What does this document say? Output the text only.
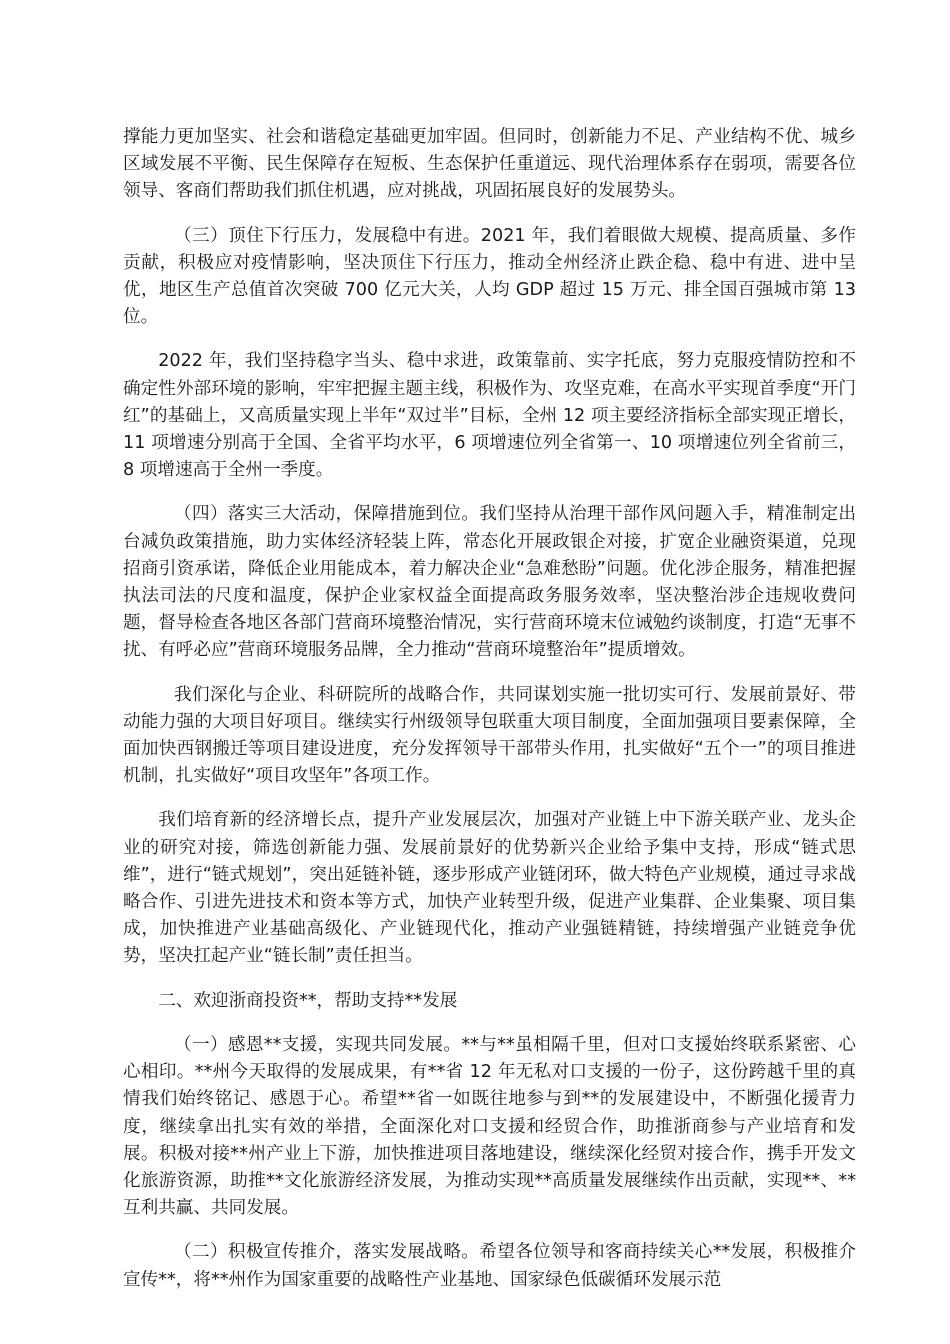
撑能力更加坚实、社会和谐稳定基础更加牢固。但同时，创新能力不足、产业结构不优、城乡区域发展不平衡、民生保障存在短板、生态保护任重道远、现代治理体系存在弱项，需要各位领导、客商们帮助我们抓住机遇，应对挑战，巩固拓展良好的发展势头。

（三）顶住下行压力，发展稳中有进。2021 年，我们着眼做大规模、提高质量、多作贡献，积极应对疫情影响，坚决顶住下行压力，推动全州经济止跌企稳、稳中有进、进中呈优，地区生产总值首次突破 700 亿元大关，人均 GDP 超过 15 万元、排全国百强城市第 13 位。

2022 年，我们坚持稳字当头、稳中求进，政策靠前、实字托底，努力克服疫情防控和不确定性外部环境的影响，牢牢把握主题主线，积极作为、攻坚克难，在高水平实现首季度“开门红”的基础上，又高质量实现上半年“双过半”目标，全州 12 项主要经济指标全部实现正增长，11 项增速分别高于全国、全省平均水平，6 项增速位列全省第一、10 项增速位列全省前三，8 项增速高于全州一季度。

（四）落实三大活动，保障措施到位。我们坚持从治理干部作风问题入手，精准制定出台减负政策措施，助力实体经济轻装上阵，常态化开展政银企对接，扩宽企业融资渠道，兑现招商引资承诺，降低企业用能成本，着力解决企业“急难愁盼”问题。优化涉企服务，精准把握执法司法的尺度和温度，保护企业家权益全面提高政务服务效率，坚决整治涉企违规收费问题，督导检查各地区各部门营商环境整治情况，实行营商环境末位诫勉约谈制度，打造“无事不扰、有呼必应”营商环境服务品牌，全力推动“营商环境整治年”提质增效。

我们深化与企业、科研院所的战略合作，共同谋划实施一批切实可行、发展前景好、带动能力强的大项目好项目。继续实行州级领导包联重大项目制度，全面加强项目要素保障，全面加快西钢搬迁等项目建设进度，充分发挥领导干部带头作用，扎实做好“五个一”的项目推进机制，扎实做好“项目攻坚年”各项工作。

我们培育新的经济增长点，提升产业发展层次，加强对产业链上中下游关联产业、龙头企业的研究对接，筛选创新能力强、发展前景好的优势新兴企业给予集中支持，形成“链式思维”，进行“链式规划”，突出延链补链，逐步形成产业链闭环，做大特色产业规模，通过寻求战略合作、引进先进技术和资本等方式，加快产业转型升级，促进产业集群、企业集聚、项目集成，加快推进产业基础高级化、产业链现代化，推动产业强链精链，持续增强产业链竞争优势，坚决扛起产业“链长制”责任担当。

二、欢迎浙商投资**，帮助支持**发展

（一）感恩**支援，实现共同发展。**与**虽相隔千里，但对口支援始终联系紧密、心心相印。**州今天取得的发展成果，有**省 12 年无私对口支援的一份子，这份跨越千里的真情我们始终铭记、感恩于心。希望**省一如既往地参与到**的发展建设中，不断强化援青力度，继续拿出扎实有效的举措，全面深化对口支援和经贸合作，助推浙商参与产业培育和发展。积极对接**州产业上下游，加快推进项目落地建设，继续深化经贸对接合作，携手开发文化旅游资源，助推**文化旅游经济发展，为推动实现**高质量发展继续作出贡献，实现**、**互利共赢、共同发展。

（二）积极宣传推介，落实发展战略。希望各位领导和客商持续关心**发展，积极推介宣传**，将**州作为国家重要的战略性产业基地、国家绿色低碳循环发展示范
